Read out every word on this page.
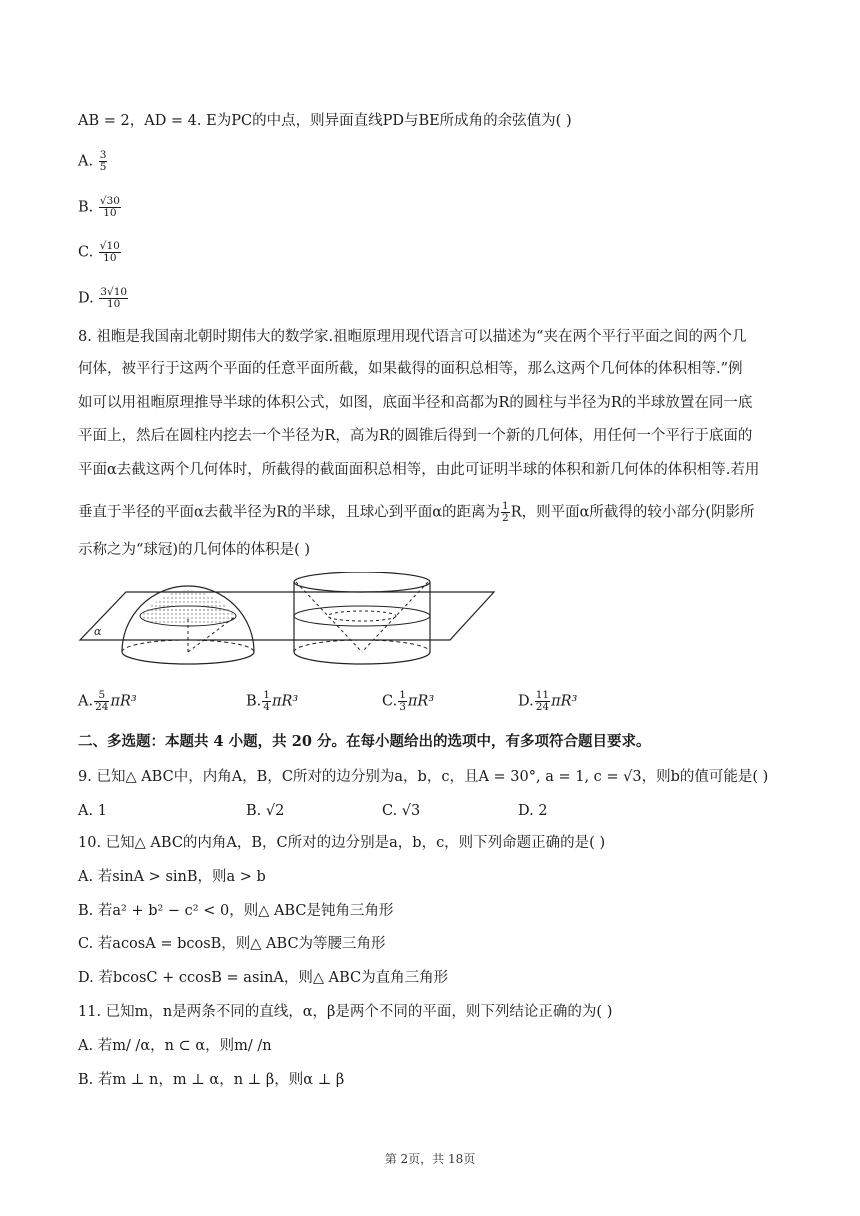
AB = 2，AD = 4. E为PC的中点，则异面直线PD与BE所成角的余弦值为( )
A. $\frac{3}{5}$
B. $\frac{√30}{10}$
C. $\frac{√10}{10}$
D. $\frac{3√10}{10}$
8. 祖暅是我国南北朝时期伟大的数学家.祖暅原理用现代语言可以描述为“夹在两个平行平面之间的两个几
何体，被平行于这两个平面的任意平面所截，如果截得的面积总相等，那么这两个几何体的体积相等.”例
如可以用祖暅原理推导半球的体积公式，如图，底面半径和高都为R的圆柱与半径为R的半球放置在同一底
平面上，然后在圆柱内挖去一个半径为R，高为R的圆锥后得到一个新的几何体，用任何一个平行于底面的
平面α去截这两个几何体时，所截得的截面面积总相等，由此可证明半球的体积和新几何体的体积相等.若用
垂直于半径的平面α去截半径为R的半球，且球心到平面α的距离为 $\frac{1}{2}$ R，则平面α所截得的较小部分(阴影所
示称之为“球冠)的几何体的体积是( )
α
A. $\frac{5}{24} \pi R^3$	B. $\frac{1}{4} \pi R^3$	C. $\frac{1}{3} \pi R^3$	D. $\frac{11}{24} \pi R^3$
二、多选题：本题共 4 小题，共 20 分。在每小题给出的选项中，有多项符合题目要求。
9. 已知△ ABC中，内角A，B，C所对的边分别为a，b，c，且A = 30°, a = 1, c = √3，则b的值可能是( )
A. 1	B. √2	C. √3	D. 2
10. 已知△ ABC的内角A，B，C所对的边分别是a，b，c，则下列命题正确的是( )
A. 若sinA > sinB，则a > b
B. 若a² + b² − c² < 0，则△ ABC是钝角三角形
C. 若acosA = bcosB，则△ ABC为等腰三角形
D. 若bcosC + ccosB = asinA，则△ ABC为直角三角形
11. 已知m，n是两条不同的直线，α，β是两个不同的平面，则下列结论正确的为( )
A. 若m/ /α，n ⊂ α，则m/ /n
B. 若m ⊥ n，m ⊥ α，n ⊥ β，则α ⊥ β
第 2页，共 18页
